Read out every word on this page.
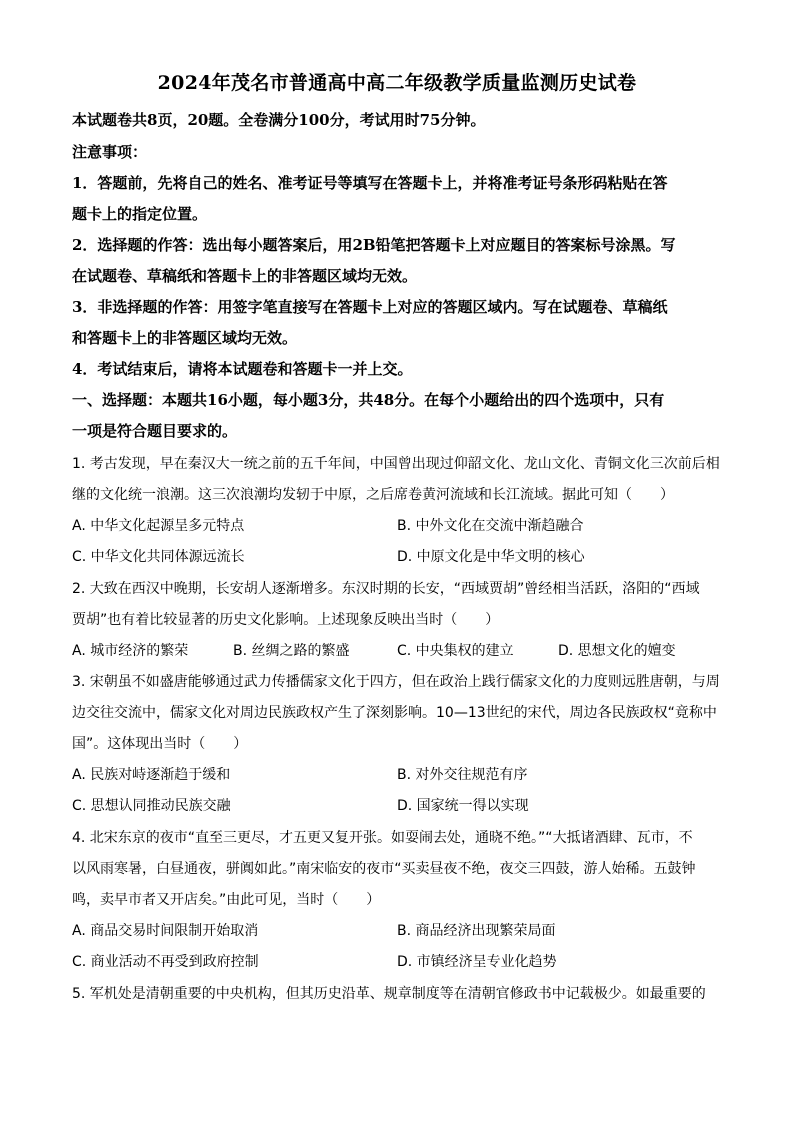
2024年茂名市普通高中高二年级教学质量监测历史试卷
本试题卷共8页，20题。全卷满分100分，考试用时75分钟。
注意事项：
1．答题前，先将自己的姓名、准考证号等填写在答题卡上，并将准考证号条形码粘贴在答
题卡上的指定位置。
2．选择题的作答：选出每小题答案后，用2B铅笔把答题卡上对应题目的答案标号涂黑。写
在试题卷、草稿纸和答题卡上的非答题区域均无效。
3．非选择题的作答：用签字笔直接写在答题卡上对应的答题区域内。写在试题卷、草稿纸
和答题卡上的非答题区域均无效。
4．考试结束后，请将本试题卷和答题卡一并上交。
一、选择题：本题共16小题，每小题3分，共48分。在每个小题给出的四个选项中，只有
一项是符合题目要求的。
1. 考古发现，早在秦汉大一统之前的五千年间，中国曾出现过仰韶文化、龙山文化、青铜文化三次前后相
继的文化统一浪潮。这三次浪潮均发轫于中原，之后席卷黄河流域和长江流域。据此可知（　　）
A. 中华文化起源呈多元特点	B. 中外文化在交流中渐趋融合
C. 中华文化共同体源远流长	D. 中原文化是中华文明的核心
2. 大致在西汉中晚期，长安胡人逐渐增多。东汉时期的长安，“西域贾胡”曾经相当活跃，洛阳的“西域
贾胡”也有着比较显著的历史文化影响。上述现象反映出当时（　　）
A. 城市经济的繁荣	B. 丝绸之路的繁盛	C. 中央集权的建立	D. 思想文化的嬗变
3. 宋朝虽不如盛唐能够通过武力传播儒家文化于四方，但在政治上践行儒家文化的力度则远胜唐朝，与周
边交往交流中，儒家文化对周边民族政权产生了深刻影响。10—13世纪的宋代，周边各民族政权“竟称中
国”。这体现出当时（　　）
A. 民族对峙逐渐趋于缓和	B. 对外交往规范有序
C. 思想认同推动民族交融	D. 国家统一得以实现
4. 北宋东京的夜市“直至三更尽，才五更又复开张。如耍闹去处，通晓不绝。”“大抵诸酒肆、瓦市，不
以风雨寒暑，白昼通夜，骈阗如此。”南宋临安的夜市“买卖昼夜不绝，夜交三四鼓，游人始稀。五鼓钟
鸣，卖早市者又开店矣。”由此可见，当时（　　）
A. 商品交易时间限制开始取消	B. 商品经济出现繁荣局面
C. 商业活动不再受到政府控制	D. 市镇经济呈专业化趋势
5. 军机处是清朝重要的中央机构，但其历史沿革、规章制度等在清朝官修政书中记载极少。如最重要的
